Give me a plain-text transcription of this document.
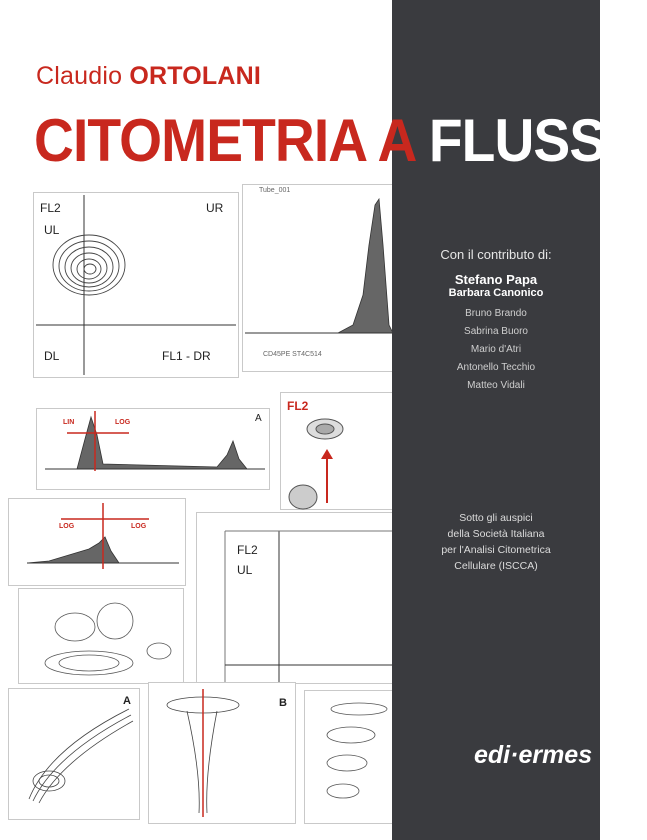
FL2
UL
UR
DL	FL1 - DR
Tube_001
CD45PE ST4C514
A
LIN	LOG
FL2
LOG	LOG
FL2
UL
A	B
Claudio ORTOLANI
CITOMETRIA A FLUSSO
Con il contributo di:
Stefano Papa
Barbara Canonico
Bruno Brando
Sabrina Buoro
Mario d'Atri
Antonello Tecchio
Matteo Vidali
Sotto gli auspici
della Società Italiana
per l'Analisi Citometrica
Cellulare (ISCCA)
edi·ermes
